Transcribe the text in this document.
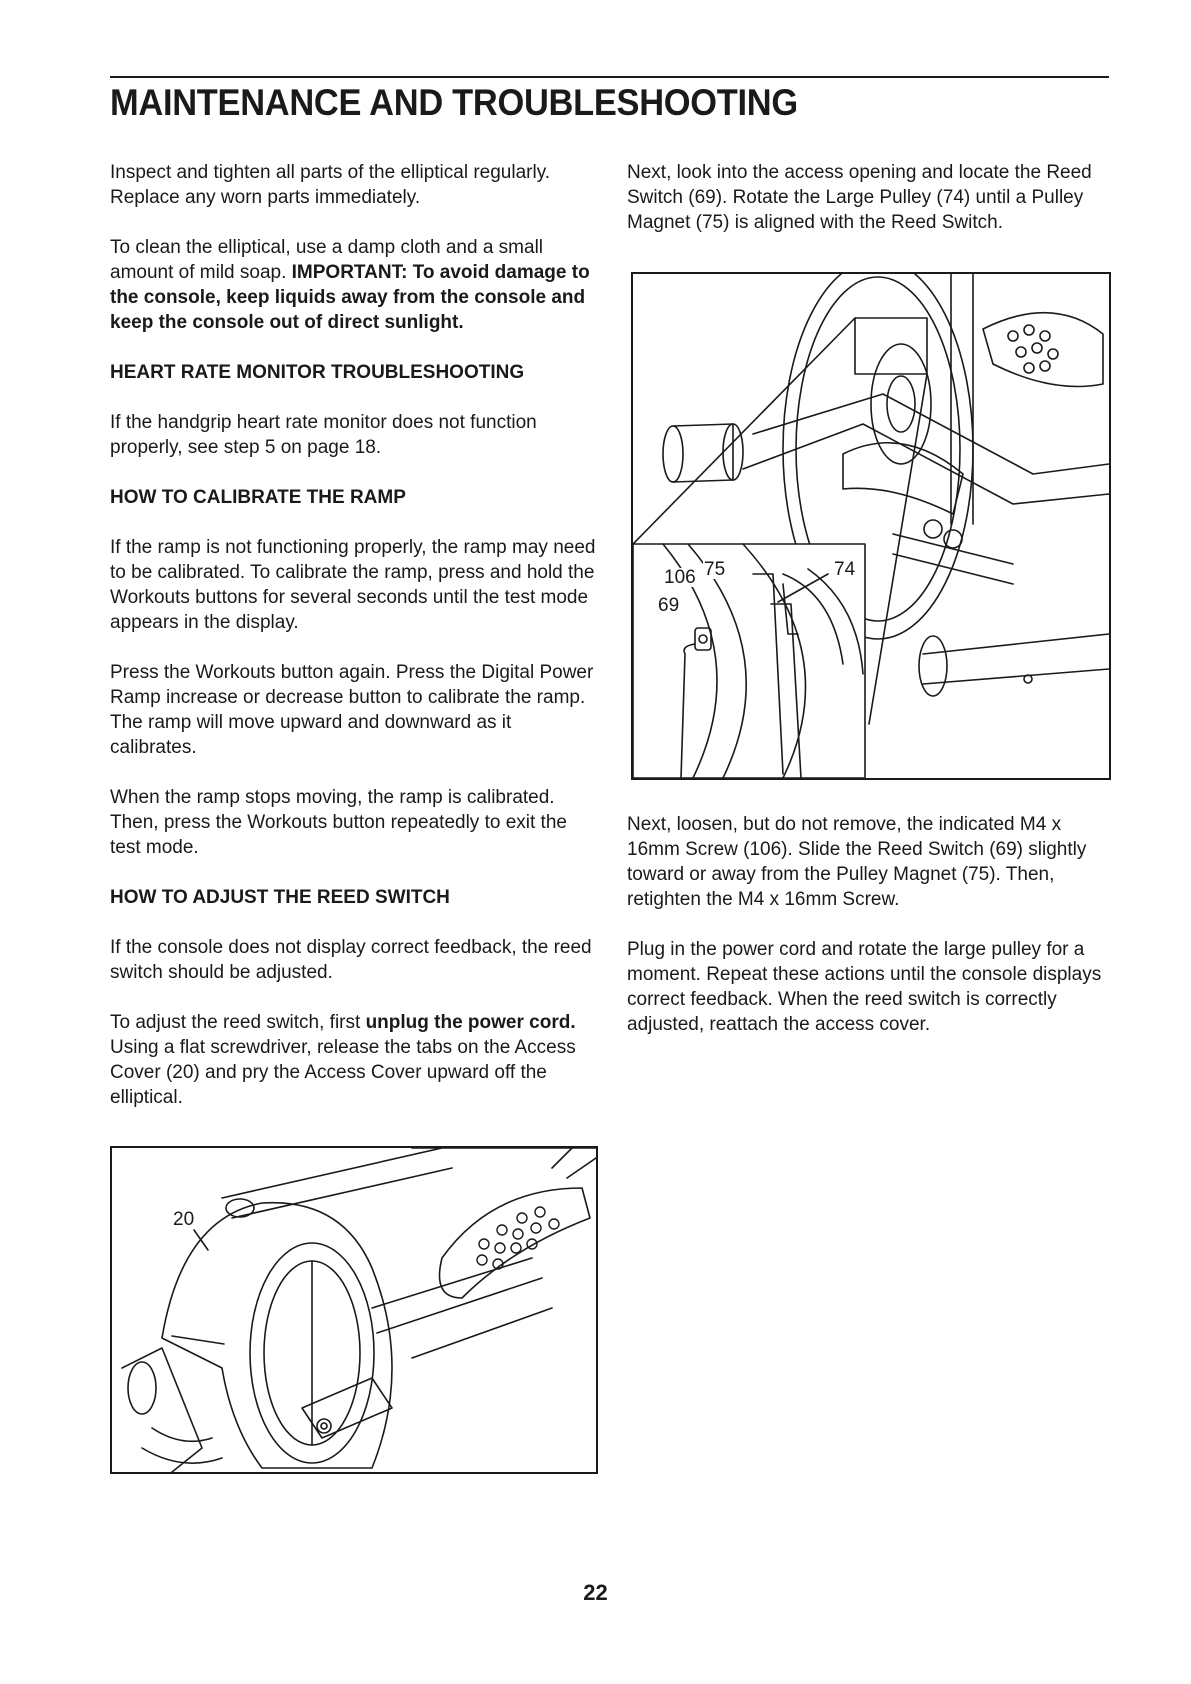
MAINTENANCE AND TROUBLESHOOTING

Inspect and tighten all parts of the elliptical regularly. Replace any worn parts immediately.

To clean the elliptical, use a damp cloth and a small amount of mild soap. IMPORTANT: To avoid damage to the console, keep liquids away from the console and keep the console out of direct sunlight.

HEART RATE MONITOR TROUBLESHOOTING

If the handgrip heart rate monitor does not function properly, see step 5 on page 18.

HOW TO CALIBRATE THE RAMP

If the ramp is not functioning properly, the ramp may need to be calibrated. To calibrate the ramp, press and hold the Workouts buttons for several seconds until the test mode appears in the display.

Press the Workouts button again. Press the Digital Power Ramp increase or decrease button to calibrate the ramp. The ramp will move upward and downward as it calibrates.

When the ramp stops moving, the ramp is calibrated. Then, press the Workouts button repeatedly to exit the test mode.

HOW TO ADJUST THE REED SWITCH

If the console does not display correct feedback, the reed switch should be adjusted.

To adjust the reed switch, first unplug the power cord. Using a flat screwdriver, release the tabs on the Access Cover (20) and pry the Access Cover upward off the elliptical.

Next, look into the access opening and locate the Reed Switch (69). Rotate the Large Pulley (74) until a Pulley Magnet (75) is aligned with the Reed Switch.

106 75	74
69

Next, loosen, but do not remove, the indicated M4 x 16mm Screw (106). Slide the Reed Switch (69) slightly toward or away from the Pulley Magnet (75). Then, retighten the M4 x 16mm Screw.

Plug in the power cord and rotate the large pulley for a moment. Repeat these actions until the console displays correct feedback. When the reed switch is correctly adjusted, reattach the access cover.

20
22
